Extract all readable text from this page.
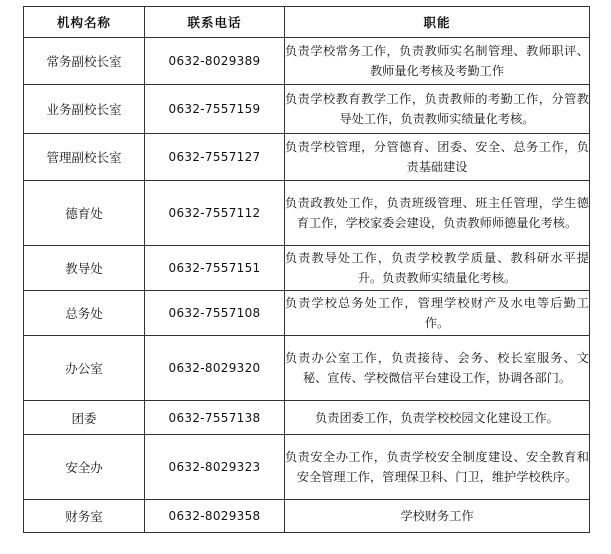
机构名称	联系电话	职能
常务副校长室	0632-8029389	负责学校常务工作，负责教师实名制管理、教师职评、教师量化考核及考勤工作
业务副校长室	0632-7557159	负责学校教育教学工作，负责教师的考勤工作，分管教导处工作，负责教师实绩量化考核。
管理副校长室	0632-7557127	负责学校管理，分管德育、团委、安全、总务工作，负责基础建设
德育处	0632-7557112	负责政教处工作，负责班级管理、班主任管理，学生德育工作，学校家委会建设，负责教师师德量化考核。
教导处	0632-7557151	负责教导处工作，负责学校教学质量、教科研水平提升。负责教师实绩量化考核。
总务处	0632-7557108	负责学校总务处工作，管理学校财产及水电等后勤工作。
办公室	0632-8029320	负责办公室工作，负责接待、会务、校长室服务、文秘、宣传、学校微信平台建设工作，协调各部门。
团委	0632-7557138	负责团委工作，负责学校校园文化建设工作。
安全办	0632-8029323	负责安全办工作，负责学校安全制度建设、安全教育和安全管理工作，管理保卫科、门卫，维护学校秩序。
财务室	0632-8029358	学校财务工作
